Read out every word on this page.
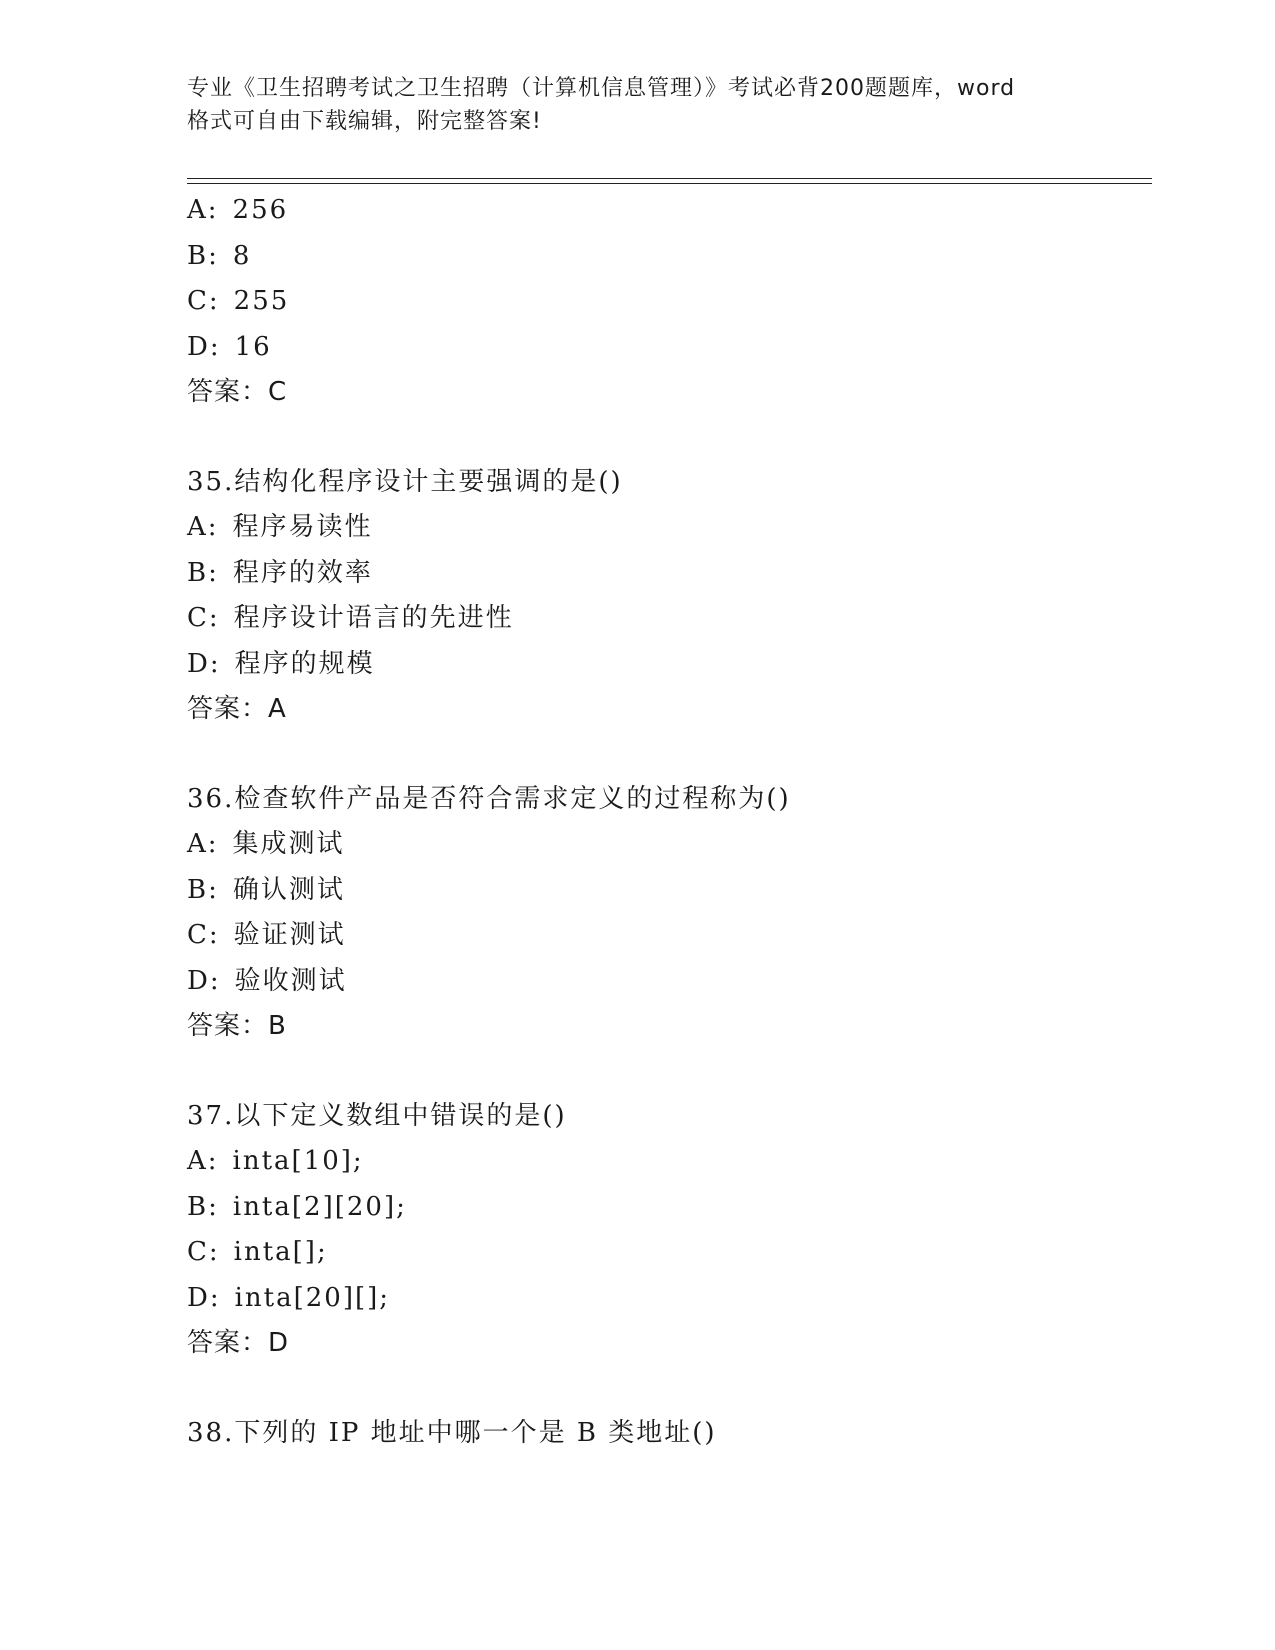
专业《卫生招聘考试之卫生招聘（计算机信息管理）》考试必背200题题库，word
格式可自由下载编辑，附完整答案!
A: 256
B: 8
C: 255
D: 16
答案：C
35.结构化程序设计主要强调的是()
A: 程序易读性
B: 程序的效率
C: 程序设计语言的先进性
D: 程序的规模
答案：A
36.检查软件产品是否符合需求定义的过程称为()
A: 集成测试
B: 确认测试
C: 验证测试
D: 验收测试
答案：B
37.以下定义数组中错误的是()
A: inta[10];
B: inta[2][20];
C: inta[];
D: inta[20][];
答案：D
38.下列的 IP 地址中哪一个是 B 类地址()
